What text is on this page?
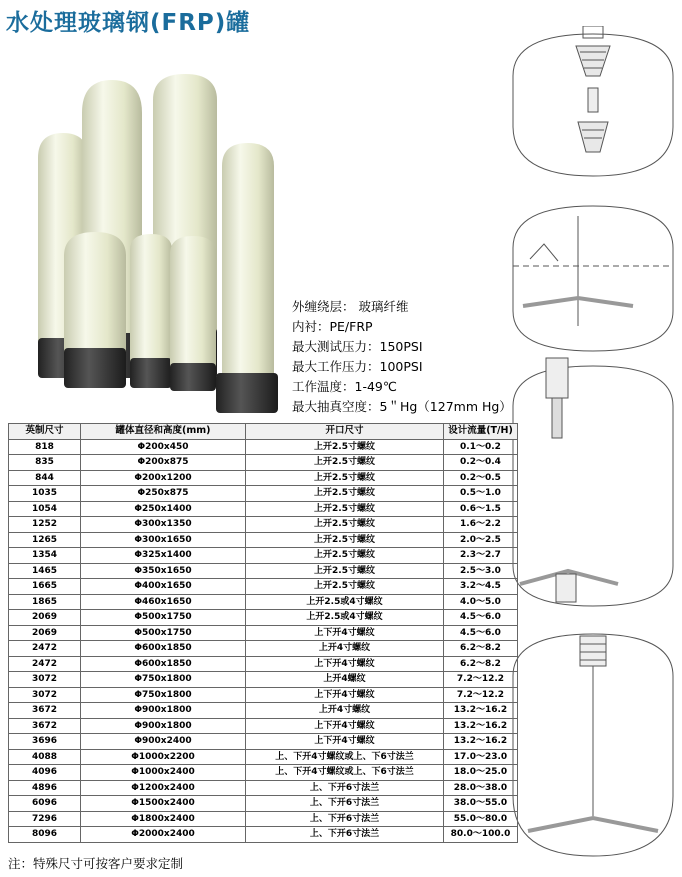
水处理玻璃钢(FRP)罐
外缠绕层： 玻璃纤维
内衬：PE/FRP
最大测试压力：150PSI
最大工作压力：100PSI
工作温度：1-49℃
最大抽真空度：5＂Hg（127mm Hg）
英制尺寸	罐体直径和高度(mm)	开口尺寸	设计流量(T/H)
818	Φ200x450	上开2.5寸螺纹	0.1～0.2
835	Φ200x875	上开2.5寸螺纹	0.2～0.4
844	Φ200x1200	上开2.5寸螺纹	0.2～0.5
1035	Φ250x875	上开2.5寸螺纹	0.5～1.0
1054	Φ250x1400	上开2.5寸螺纹	0.6～1.5
1252	Φ300x1350	上开2.5寸螺纹	1.6～2.2
1265	Φ300x1650	上开2.5寸螺纹	2.0～2.5
1354	Φ325x1400	上开2.5寸螺纹	2.3～2.7
1465	Φ350x1650	上开2.5寸螺纹	2.5～3.0
1665	Φ400x1650	上开2.5寸螺纹	3.2～4.5
1865	Φ460x1650	上开2.5或4寸螺纹	4.0～5.0
2069	Φ500x1750	上开2.5或4寸螺纹	4.5～6.0
2069	Φ500x1750	上下开4寸螺纹	4.5～6.0
2472	Φ600x1850	上开4寸螺纹	6.2～8.2
2472	Φ600x1850	上下开4寸螺纹	6.2～8.2
3072	Φ750x1800	上开4螺纹	7.2～12.2
3072	Φ750x1800	上下开4寸螺纹	7.2～12.2
3672	Φ900x1800	上开4寸螺纹	13.2～16.2
3672	Φ900x1800	上下开4寸螺纹	13.2～16.2
3696	Φ900x2400	上下开4寸螺纹	13.2～16.2
4088	Φ1000x2200	上、下开4寸螺纹或上、下6寸法兰	17.0～23.0
4096	Φ1000x2400	上、下开4寸螺纹或上、下6寸法兰	18.0～25.0
4896	Φ1200x2400	上、下开6寸法兰	28.0～38.0
6096	Φ1500x2400	上、下开6寸法兰	38.0～55.0
7296	Φ1800x2400	上、下开6寸法兰	55.0～80.0
8096	Φ2000x2400	上、下开6寸法兰	80.0～100.0
注：特殊尺寸可按客户要求定制
